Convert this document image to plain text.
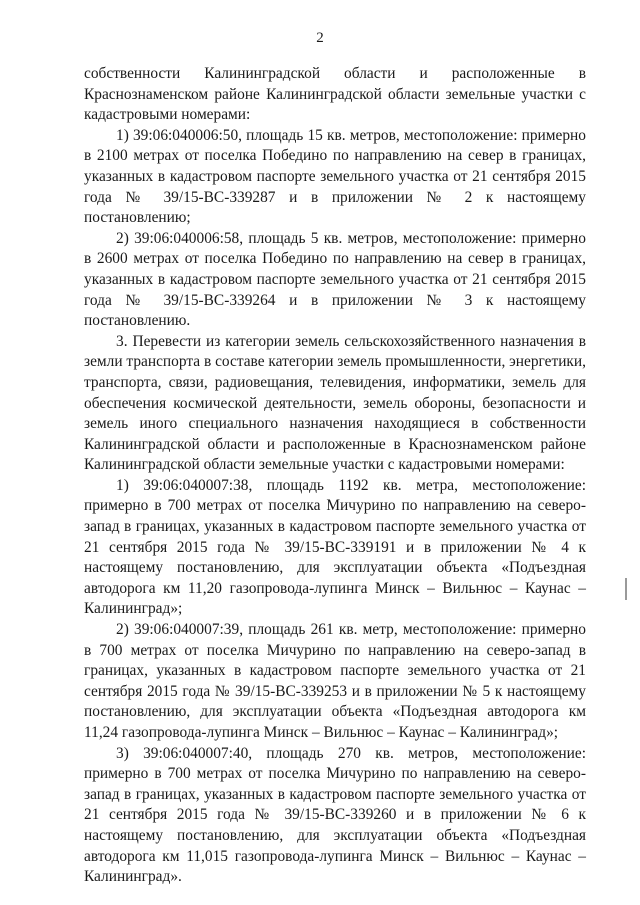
2

собственности Калининградской области и расположенные в Краснознаменском районе Калининградской области земельные участки с кадастровыми номерами:

1) 39:06:040006:50, площадь 15 кв. метров, местоположение: примерно в 2100 метрах от поселка Победино по направлению на север в границах, указанных в кадастровом паспорте земельного участка от 21 сентября 2015 года № 39/15-ВС-339287 и в приложении № 2 к настоящему постановлению;

2) 39:06:040006:58, площадь 5 кв. метров, местоположение: примерно в 2600 метрах от поселка Победино по направлению на север в границах, указанных в кадастровом паспорте земельного участка от 21 сентября 2015 года № 39/15-ВС-339264 и в приложении № 3 к настоящему постановлению.

3. Перевести из категории земель сельскохозяйственного назначения в земли транспорта в составе категории земель промышленности, энергетики, транспорта, связи, радиовещания, телевидения, информатики, земель для обеспечения космической деятельности, земель обороны, безопасности и земель иного специального назначения находящиеся в собственности Калининградской области и расположенные в Краснознаменском районе Калининградской области земельные участки с кадастровыми номерами:

1) 39:06:040007:38, площадь 1192 кв. метра, местоположение: примерно в 700 метрах от поселка Мичурино по направлению на северо-запад в границах, указанных в кадастровом паспорте земельного участка от 21 сентября 2015 года № 39/15-ВС-339191 и в приложении № 4 к настоящему постановлению, для эксплуатации объекта «Подъездная автодорога км 11,20 газопровода-лупинга Минск – Вильнюс – Каунас – Калининград»;

2) 39:06:040007:39, площадь 261 кв. метр, местоположение: примерно в 700 метрах от поселка Мичурино по направлению на северо-запад в границах, указанных в кадастровом паспорте земельного участка от 21 сентября 2015 года № 39/15-ВС-339253 и в приложении № 5 к настоящему постановлению, для эксплуатации объекта «Подъездная автодорога км 11,24 газопровода-лупинга Минск – Вильнюс – Каунас – Калининград»;

3) 39:06:040007:40, площадь 270 кв. метров, местоположение: примерно в 700 метрах от поселка Мичурино по направлению на северо-запад в границах, указанных в кадастровом паспорте земельного участка от 21 сентября 2015 года № 39/15-ВС-339260 и в приложении № 6 к настоящему постановлению, для эксплуатации объекта «Подъездная автодорога км 11,015 газопровода-лупинга Минск – Вильнюс – Каунас – Калининград».
